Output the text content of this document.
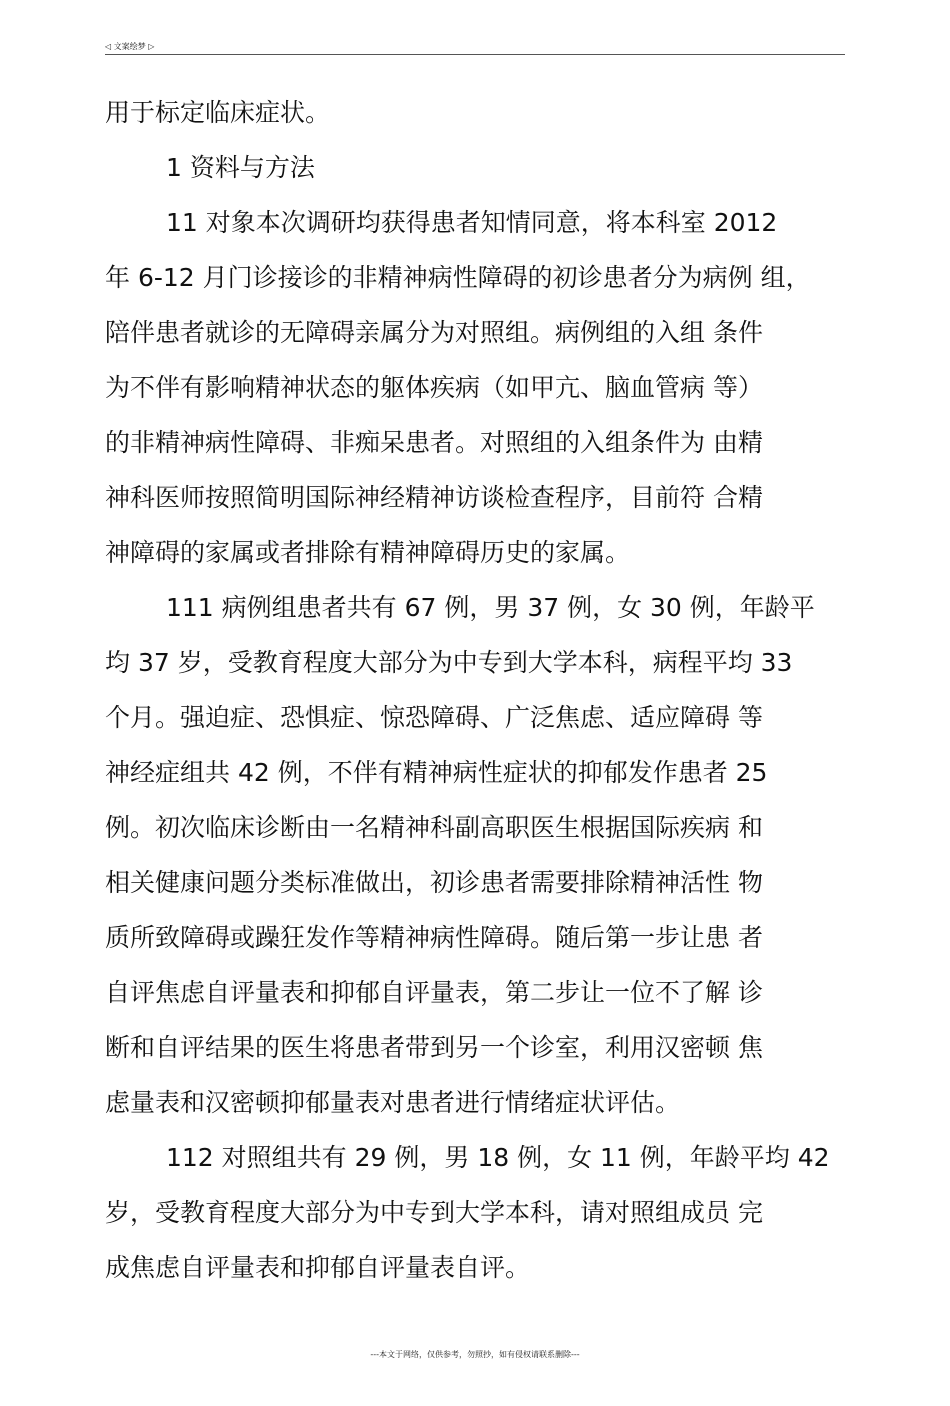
◁ 文案绘梦 ▷
用于标定临床症状。
1 资料与方法
11 对象本次调研均获得患者知情同意，将本科室 2012
年 6-12 月门诊接诊的非精神病性障碍的初诊患者分为病例 组，
陪伴患者就诊的无障碍亲属分为对照组。病例组的入组 条件
为不伴有影响精神状态的躯体疾病（如甲亢、脑血管病 等）
的非精神病性障碍、非痴呆患者。对照组的入组条件为 由精
神科医师按照简明国际神经精神访谈检查程序，目前符 合精
神障碍的家属或者排除有精神障碍历史的家属。
111 病例组患者共有 67 例，男 37 例，女 30 例，年龄平
均 37 岁，受教育程度大部分为中专到大学本科，病程平均 33
个月。强迫症、恐惧症、惊恐障碍、广泛焦虑、适应障碍 等
神经症组共 42 例，不伴有精神病性症状的抑郁发作患者 25
例。初次临床诊断由一名精神科副高职医生根据国际疾病 和
相关健康问题分类标准做出，初诊患者需要排除精神活性 物
质所致障碍或躁狂发作等精神病性障碍。随后第一步让患 者
自评焦虑自评量表和抑郁自评量表，第二步让一位不了解 诊
断和自评结果的医生将患者带到另一个诊室，利用汉密顿 焦
虑量表和汉密顿抑郁量表对患者进行情绪症状评估。
112 对照组共有 29 例，男 18 例，女 11 例，年龄平均 42
岁，受教育程度大部分为中专到大学本科，请对照组成员 完
成焦虑自评量表和抑郁自评量表自评。
---本文于网络，仅供参考，勿照抄，如有侵权请联系删除---
